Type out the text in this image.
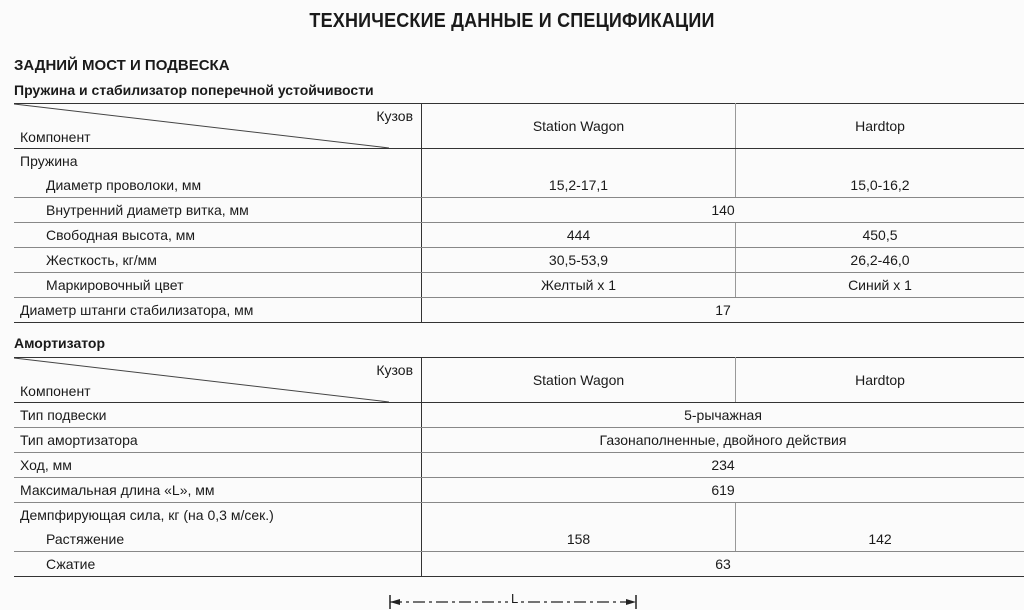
ТЕХНИЧЕСКИЕ ДАННЫЕ И СПЕЦИФИКАЦИИ
ЗАДНИЙ МОСТ И ПОДВЕСКА
Пружина и стабилизатор поперечной устойчивости
Кузов
Компонент	Station Wagon	Hardtop
Пружина		
Диаметр проволоки, мм	15,2-17,1	15,0-16,2
Внутренний диаметр витка, мм	140	
Свободная высота, мм	444	450,5
Жесткость, кг/мм	30,5-53,9	26,2-46,0
Маркировочный цвет	Желтый x 1	Синий x 1
Диаметр штанги стабилизатора, мм	17	
Амортизатор
Кузов
Компонент	Station Wagon	Hardtop
Тип подвески	5-рычажная	
Тип амортизатора	Газонаполненные, двойного действия	
Ход, мм	234	
Максимальная длина «L», мм	619	
Демпфирующая сила, кг (на 0,3 м/сек.)		
Растяжение	158	142
Сжатие	63	
L
